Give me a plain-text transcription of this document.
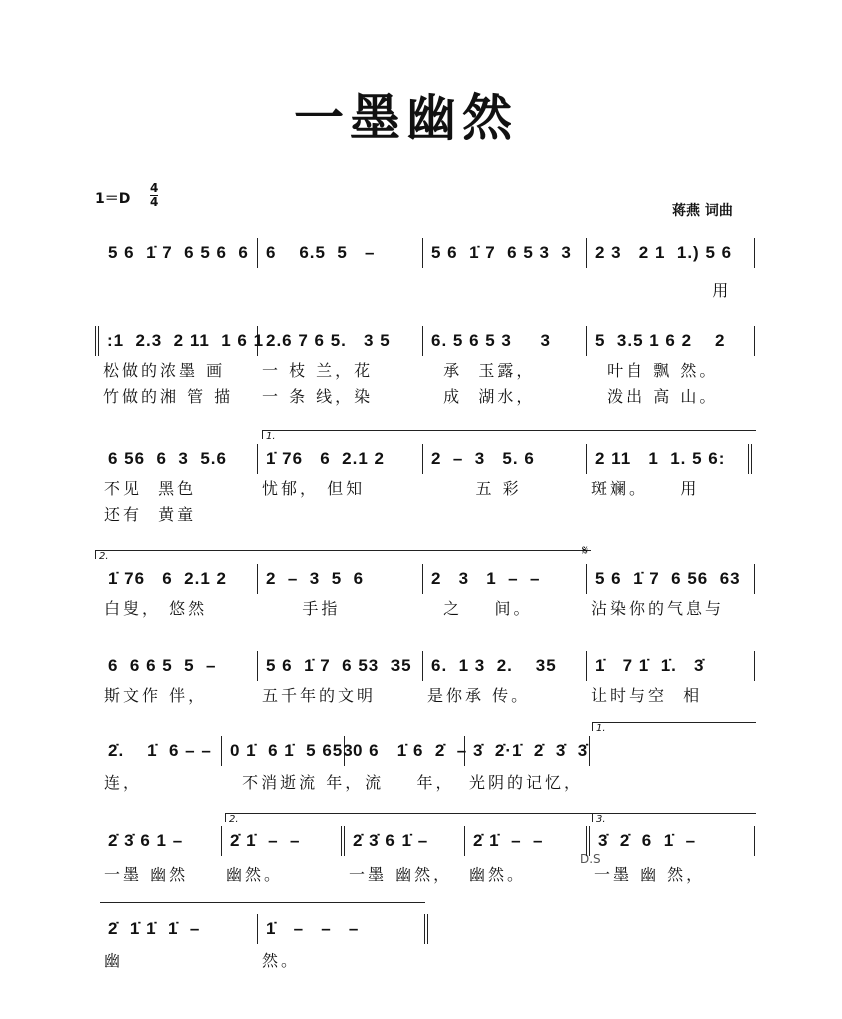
一墨幽然
1＝D
4
4
蒋燕 词曲
1.
2.	𝄋
1.
2.	3.
D.S
5 6  1̇ 7  6 5 6  6 6    6.5  5   –	5 6  1̇ 7  6 5 3  3	2 3   2 1  1.) 5 6
用
:1  2.3  2 11  1 6 1
松做的浓墨 画
竹做的湘 管 描
2.6 7 6 5.   3 5
一 枝 兰，花
一 条 线，染
6. 5 6 5 3     3
承  玉露，
成  湖水，
5  3.5 1 6 2    2
叶自 飘 然。
泼出 高 山。
6 56  6  3  5.6
不见  黑色
还有  黄童
1̇ 76   6  2.1 2
忧郁， 但知
2  –  3   5. 6
五 彩
2 11   1  1. 5 6:
斑斓。    用
1̇ 76   6  2.1 2
白叟， 悠然
2  –  3  5  6
手指
2   3   1  –  –
之    间。
5 6  1̇ 7  6 56  63
沾染你的气息与
6  6 6 5  5  –
斯文作 伴，
5 6  1̇ 7  6 53  35
五千年的文明
6.  1 3  2.    35
是你承 传。
1̇   7 1̇  1̇.   3̇
让时与空  相
2̇.    1̇  6 – –
连，
0 1̇  6 1̇  5 653
不消逝流 年，
0 6   1̇ 6  2̇  –
流    年，
3̇  2̇·1̇  2̇  3̇  3̇
光阴的记忆，
2̇ 3̇ 6 1 –
一墨 幽然
2̇ 1̇  –  –
幽然。
2̇ 3̇ 6 1̇ –
一墨 幽然，
2̇ 1̇  –  –
幽然。
3̇  2̇  6  1̇  –
一墨 幽 然，
2̇  1̇ 1̇  1̇  –
幽
1̇   –   –   –
然。
